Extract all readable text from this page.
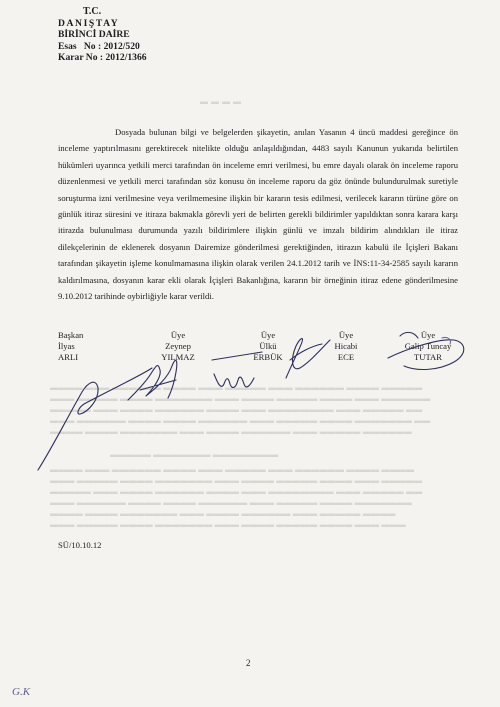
▬▬▬▬
▬▬▬▬ ▬▬▬ ▬▬▬▬▬▬ ▬▬▬▬ ▬▬▬ ▬▬▬▬▬ ▬▬▬ ▬▬▬▬▬▬ ▬▬▬▬ ▬▬▬▬▬
▬▬▬ ▬▬▬▬▬ ▬▬▬▬ ▬▬▬▬▬▬▬ ▬▬▬ ▬▬▬▬ ▬▬▬▬▬ ▬▬▬▬ ▬▬▬ ▬▬▬▬▬▬
▬▬▬▬▬ ▬▬▬ ▬▬▬▬ ▬▬▬▬▬▬ ▬▬▬▬ ▬▬▬ ▬▬▬▬▬▬▬▬ ▬▬▬ ▬▬▬▬▬ ▬▬
▬▬▬ ▬▬▬▬▬▬ ▬▬▬▬ ▬▬▬▬ ▬▬▬▬▬▬ ▬▬▬ ▬▬▬▬▬ ▬▬▬▬ ▬▬▬▬▬▬▬ ▬▬
▬▬▬▬ ▬▬▬▬ ▬▬▬▬▬▬▬ ▬▬▬ ▬▬▬▬ ▬▬▬▬▬▬ ▬▬▬ ▬▬▬▬▬ ▬▬▬▬▬▬
▬▬▬▬▬ ▬▬▬▬▬▬▬ ▬▬▬▬▬▬▬▬
▬▬▬▬ ▬▬▬ ▬▬▬▬▬▬ ▬▬▬▬ ▬▬▬ ▬▬▬▬▬ ▬▬▬ ▬▬▬▬▬▬ ▬▬▬▬ ▬▬▬▬
▬▬▬ ▬▬▬▬▬ ▬▬▬▬ ▬▬▬▬▬▬▬ ▬▬▬ ▬▬▬▬ ▬▬▬▬▬ ▬▬▬▬ ▬▬▬ ▬▬▬▬▬
▬▬▬▬▬ ▬▬▬ ▬▬▬▬ ▬▬▬▬▬▬ ▬▬▬▬ ▬▬▬ ▬▬▬▬▬▬▬▬ ▬▬▬ ▬▬▬▬▬ ▬▬
▬▬▬ ▬▬▬▬▬▬ ▬▬▬▬ ▬▬▬▬ ▬▬▬▬▬▬ ▬▬▬ ▬▬▬▬▬ ▬▬▬▬ ▬▬▬▬▬▬▬
▬▬▬▬ ▬▬▬▬ ▬▬▬▬▬▬▬ ▬▬▬ ▬▬▬▬ ▬▬▬▬▬▬ ▬▬▬ ▬▬▬▬▬ ▬▬▬▬
▬▬▬ ▬▬▬▬▬ ▬▬▬▬ ▬▬▬▬▬▬▬ ▬▬▬ ▬▬▬▬ ▬▬▬▬▬ ▬▬▬▬ ▬▬▬ ▬▬▬
T.C.
DANIŞTAY
BİRİNCİ DAİRE
Esas   No : 2012/520
Karar No : 2012/1366
Dosyada bulunan bilgi ve belgelerden şikayetin, anılan Yasanın 4 üncü maddesi gereğince ön inceleme yaptırılmasını gerektirecek nitelikte olduğu anlaşıldığından, 4483 sayılı Kanunun yukarıda belirtilen hükümleri uyarınca yetkili merci tarafından ön inceleme emri verilmesi, bu emre dayalı olarak ön inceleme raporu düzenlenmesi ve yetkili merci tarafından söz konusu ön inceleme raporu da göz önünde bulundurulmak suretiyle soruşturma izni verilmesine veya verilmemesine ilişkin bir kararın tesis edilmesi, verilecek kararın türüne göre on günlük itiraz süresini ve itiraza bakmakla görevli yeri de belirten gerekli bildirimler yapıldıktan sonra karara karşı itirazda bulunulması durumunda yazılı bildirimlere ilişkin günlü ve imzalı bildirim alındıkları ile itiraz dilekçelerinin de eklenerek dosyanın Dairemize gönderilmesi gerektiğinden, itirazın kabulü ile İçişleri Bakanı tarafından şikayetin işleme konulmamasına ilişkin olarak verilen 24.1.2012 tarih ve İNS:11-34-2585 sayılı kararın kaldırılmasına, dosyanın karar ekli olarak İçişleri Bakanlığına, kararın bir örneğinin itiraz edene gönderilmesine 9.10.2012 tarihinde oybirliğiyle karar verildi.
Başkan
İlyas
ARLI
Üye
Zeynep
YILMAZ
Üye
Ülkü
ERBÜK
Üye
Hicabi
ECE
Üye
Galip Tuncay
TUTAR
SÜ/10.10.12
2
G.K
